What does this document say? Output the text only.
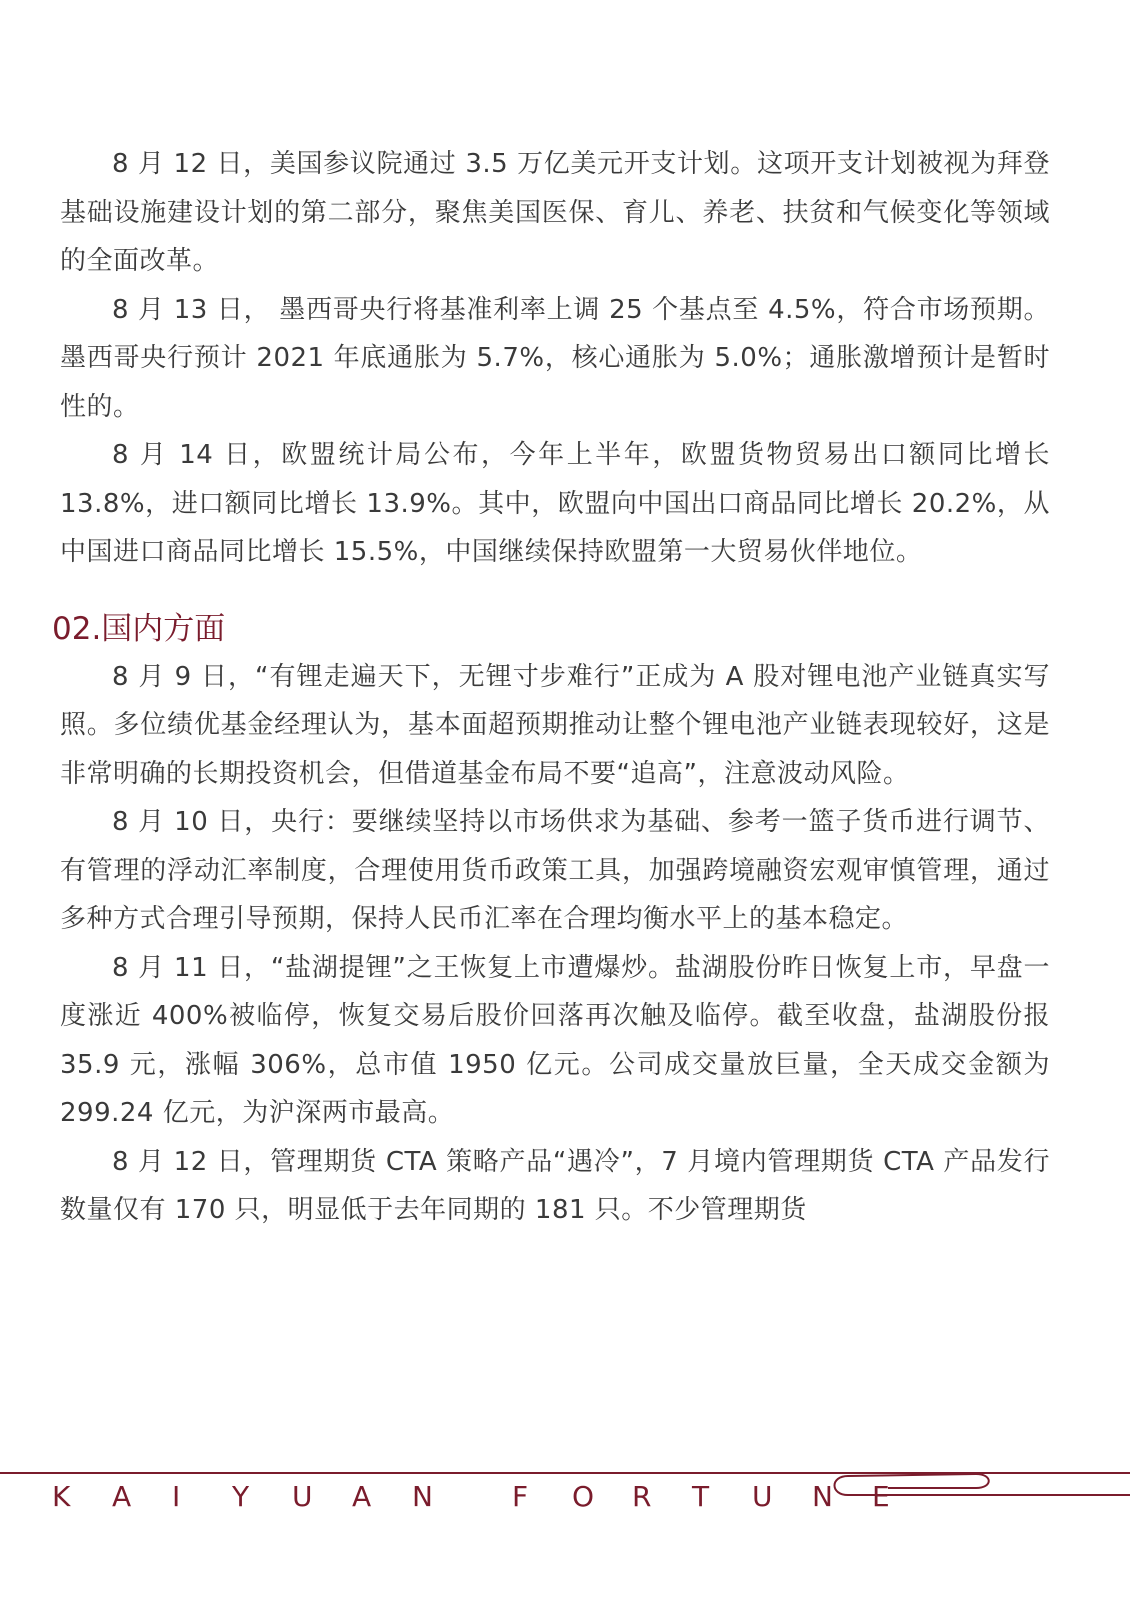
8 月 12 日，美国参议院通过 3.5 万亿美元开支计划。这项开支计划被视为拜登基础设施建设计划的第二部分，聚焦美国医保、育儿、养老、扶贫和气候变化等领域的全面改革。

8 月 13 日， 墨西哥央行将基准利率上调 25 个基点至 4.5%，符合市场预期。墨西哥央行预计 2021 年底通胀为 5.7%，核心通胀为 5.0%；通胀激增预计是暂时性的。

8 月 14 日，欧盟统计局公布，今年上半年，欧盟货物贸易出口额同比增长 13.8%，进口额同比增长 13.9%。其中，欧盟向中国出口商品同比增长 20.2%，从中国进口商品同比增长 15.5%，中国继续保持欧盟第一大贸易伙伴地位。

02.国内方面

8 月 9 日，“有锂走遍天下，无锂寸步难行”正成为 A 股对锂电池产业链真实写照。多位绩优基金经理认为，基本面超预期推动让整个锂电池产业链表现较好，这是非常明确的长期投资机会，但借道基金布局不要“追高”，注意波动风险。

8 月 10 日，央行：要继续坚持以市场供求为基础、参考一篮子货币进行调节、有管理的浮动汇率制度，合理使用货币政策工具，加强跨境融资宏观审慎管理，通过多种方式合理引导预期，保持人民币汇率在合理均衡水平上的基本稳定。

8 月 11 日，“盐湖提锂”之王恢复上市遭爆炒。盐湖股份昨日恢复上市，早盘一度涨近 400%被临停，恢复交易后股价回落再次触及临停。截至收盘，盐湖股份报 35.9 元，涨幅 306%，总市值 1950 亿元。公司成交量放巨量，全天成交金额为 299.24 亿元，为沪深两市最高。

8 月 12 日，管理期货 CTA 策略产品“遇冷”，7 月境内管理期货 CTA 产品发行数量仅有 170 只，明显低于去年同期的 181 只。不少管理期货

K	A	I	Y	U	A	N	F	O	R	T	U	N	E
